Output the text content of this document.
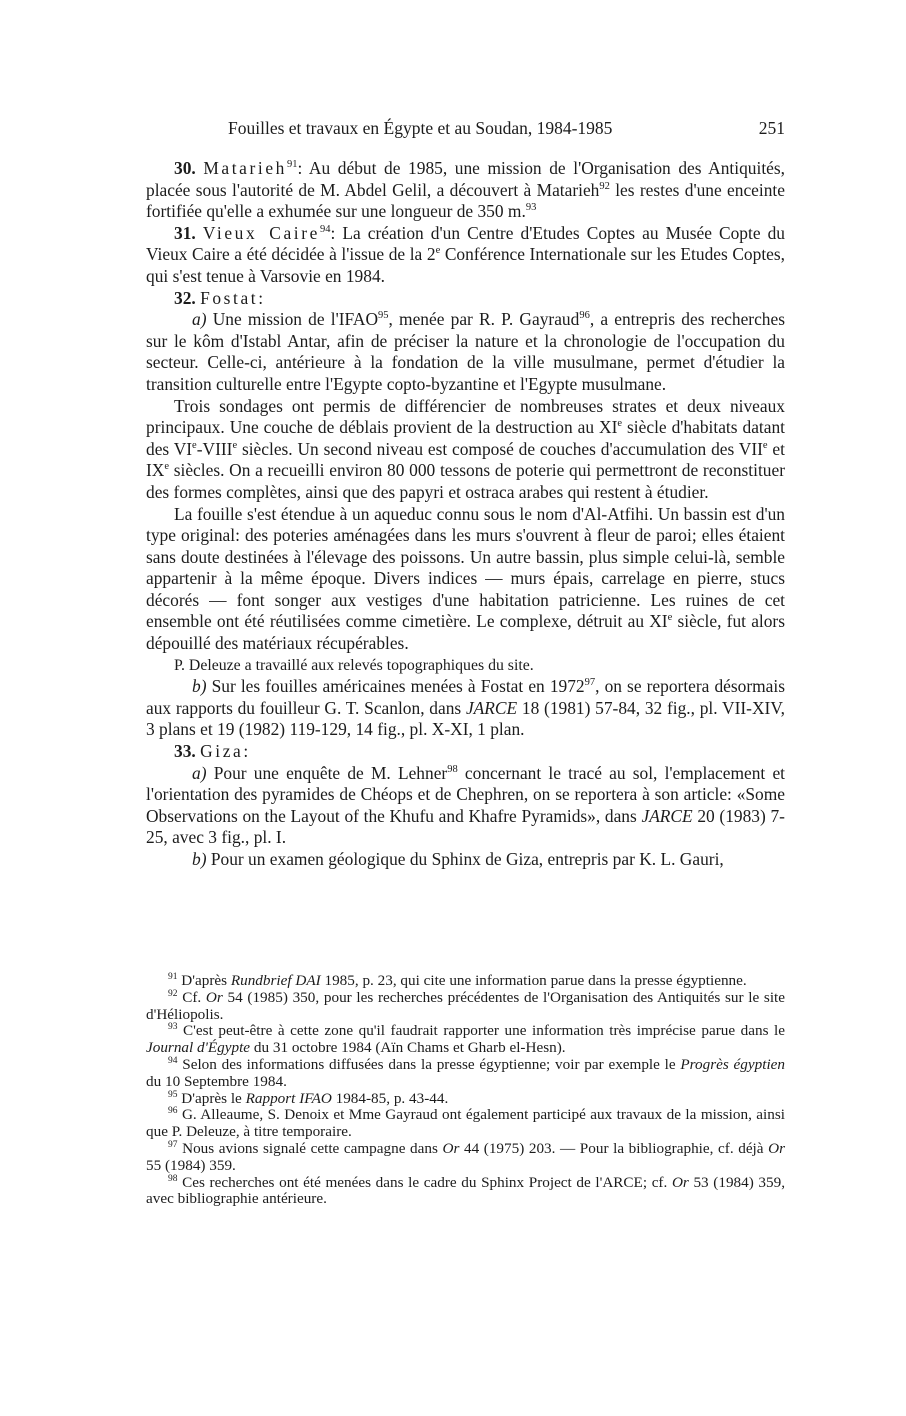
Fouilles et travaux en Égypte et au Soudan, 1984-1985	251

30. Matarieh$^{91}$: Au début de 1985, une mission de l'Organisation des Antiquités, placée sous l'autorité de M. Abdel Gelil, a découvert à Matarieh$^{92}$ les restes d'une enceinte fortifiée qu'elle a exhumée sur une longueur de 350 m.$^{93}$

31. Vieux Caire$^{94}$: La création d'un Centre d'Etudes Coptes au Musée Copte du Vieux Caire a été décidée à l'issue de la 2e Conférence Internationale sur les Etudes Coptes, qui s'est tenue à Varsovie en 1984.

32. Fostat:

a) Une mission de l'IFAO$^{95}$, menée par R. P. Gayraud$^{96}$, a entrepris des recherches sur le kôm d'Istabl Antar, afin de préciser la nature et la chronologie de l'occupation du secteur. Celle-ci, antérieure à la fondation de la ville musulmane, permet d'étudier la transition culturelle entre l'Egypte copto-byzantine et l'Egypte musulmane.

Trois sondages ont permis de différencier de nombreuses strates et deux niveaux principaux. Une couche de déblais provient de la destruction au XIe siècle d'habitats datant des VIe-VIIIe siècles. Un second niveau est composé de couches d'accumulation des VIIe et IXe siècles. On a recueilli environ 80 000 tessons de poterie qui permettront de reconstituer des formes complètes, ainsi que des papyri et ostraca arabes qui restent à étudier.

La fouille s'est étendue à un aqueduc connu sous le nom d'Al-Atfihi. Un bassin est d'un type original: des poteries aménagées dans les murs s'ouvrent à fleur de paroi; elles étaient sans doute destinées à l'élevage des poissons. Un autre bassin, plus simple celui-là, semble appartenir à la même époque. Divers indices — murs épais, carrelage en pierre, stucs décorés — font songer aux vestiges d'une habitation patricienne. Les ruines de cet ensemble ont été réutilisées comme cimetière. Le complexe, détruit au XIe siècle, fut alors dépouillé des matériaux récupérables.

P. Deleuze a travaillé aux relevés topographiques du site.

b) Sur les fouilles américaines menées à Fostat en 1972$^{97}$, on se reportera désormais aux rapports du fouilleur G. T. Scanlon, dans JARCE 18 (1981) 57-84, 32 fig., pl. VII-XIV, 3 plans et 19 (1982) 119-129, 14 fig., pl. X-XI, 1 plan.

33. Giza:

a) Pour une enquête de M. Lehner$^{98}$ concernant le tracé au sol, l'emplacement et l'orientation des pyramides de Chéops et de Chephren, on se reportera à son article: «Some Observations on the Layout of the Khufu and Khafre Pyramids», dans JARCE 20 (1983) 7-25, avec 3 fig., pl. I.

b) Pour un examen géologique du Sphinx de Giza, entrepris par K. L. Gauri,

$^{91}$ D'après Rundbrief DAI 1985, p. 23, qui cite une information parue dans la presse égyptienne.

$^{92}$ Cf. Or 54 (1985) 350, pour les recherches précédentes de l'Organisation des Antiquités sur le site d'Héliopolis.

$^{93}$ C'est peut-être à cette zone qu'il faudrait rapporter une information très imprécise parue dans le Journal d'Égypte du 31 octobre 1984 (Aïn Chams et Gharb el-Hesn).

$^{94}$ Selon des informations diffusées dans la presse égyptienne; voir par exemple le Progrès égyptien du 10 Septembre 1984.

$^{95}$ D'après le Rapport IFAO 1984-85, p. 43-44.

$^{96}$ G. Alleaume, S. Denoix et Mme Gayraud ont également participé aux travaux de la mission, ainsi que P. Deleuze, à titre temporaire.

$^{97}$ Nous avions signalé cette campagne dans Or 44 (1975) 203. — Pour la bibliographie, cf. déjà Or 55 (1984) 359.

$^{98}$ Ces recherches ont été menées dans le cadre du Sphinx Project de l'ARCE; cf. Or 53 (1984) 359, avec bibliographie antérieure.
